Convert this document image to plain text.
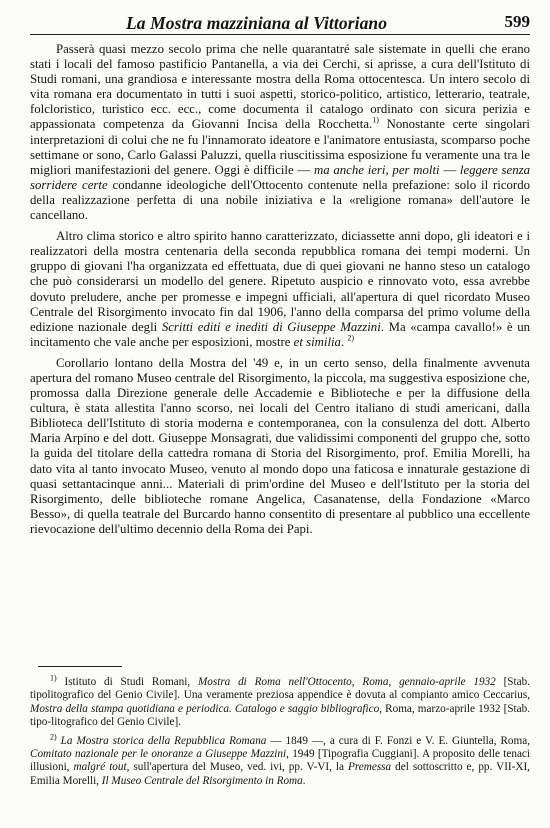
La Mostra mazziniana al Vittoriano	599

Passerà quasi mezzo secolo prima che nelle quarantatré sale sistemate in quelli che erano stati i locali del famoso pastificio Pantanella, a via dei Cerchi, si aprisse, a cura dell'Istituto di Studi romani, una grandiosa e interessante mostra della Roma ottocentesca. Un intero secolo di vita romana era documentato in tutti i suoi aspetti, storico-politico, artistico, letterario, teatrale, folcloristico, turistico ecc. ecc., come documenta il catalogo ordinato con sicura perizia e appassionata competenza da Giovanni Incisa della Rocchetta.$^{1)}$ Nonostante certe singolari interpretazioni di colui che ne fu l'innamorato ideatore e l'animatore entusiasta, scomparso poche settimane or sono, Carlo Galassi Paluzzi, quella riuscitissima esposizione fu veramente una tra le migliori manifestazioni del genere. Oggi è difficile — ma anche ieri, per molti — leggere senza sorridere certe condanne ideologiche dell'Ottocento contenute nella prefazione: solo il ricordo della realizzazione perfetta di una nobile iniziativa e la «religione romana» dell'autore le cancellano.

Altro clima storico e altro spirito hanno caratterizzato, diciassette anni dopo, gli ideatori e i realizzatori della mostra centenaria della seconda repubblica romana dei tempi moderni. Un gruppo di giovani l'ha organizzata ed effettuata, due di quei giovani ne hanno steso un catalogo che può considerarsi un modello del genere. Ripetuto auspicio e rinnovato voto, essa avrebbe dovuto preludere, anche per promesse e impegni ufficiali, all'apertura di quel ricordato Museo Centrale del Risorgimento invocato fin dal 1906, l'anno della comparsa del primo volume della edizione nazionale degli Scritti editi e inediti di Giuseppe Mazzini. Ma «campa cavallo!» è un incitamento che vale anche per esposizioni, mostre et similia. $^{2)}$

Corollario lontano della Mostra del '49 e, in un certo senso, della finalmente avvenuta apertura del romano Museo centrale del Risorgimento, la piccola, ma suggestiva esposizione che, promossa dalla Direzione generale delle Accademie e Biblioteche e per la diffusione della cultura, è stata allestita l'anno scorso, nei locali del Centro italiano di studi americani, dalla Biblioteca dell'Istituto di storia moderna e contemporanea, con la consulenza del dott. Alberto Maria Arpino e del dott. Giuseppe Monsagrati, due validissimi componenti del gruppo che, sotto la guida del titolare della cattedra romana di Storia del Risorgimento, prof. Emilia Morelli, ha dato vita al tanto invocato Museo, venuto al mondo dopo una faticosa e innaturale gestazione di quasi settantacinque anni... Materiali di prim'ordine del Museo e dell'Istituto per la storia del Risorgimento, delle biblioteche romane Angelica, Casanatense, della Fondazione «Marco Besso», di quella teatrale del Burcardo hanno consentito di presentare al pubblico una eccellente rievocazione dell'ultimo decennio della Roma dei Papi.

$^{1)}$ Istituto di Studi Romani, Mostra di Roma nell'Ottocento, Roma, gennaio-aprile 1932 [Stab. tipolitografico del Genio Civile]. Una veramente preziosa appendice è dovuta al compianto amico Ceccarius, Mostra della stampa quotidiana e periodica. Catalogo e saggio bibliografico, Roma, marzo-aprile 1932 [Stab. tipo-litografico del Genio Civile].

$^{2)}$ La Mostra storica della Repubblica Romana — 1849 —, a cura di F. Fonzi e V. E. Giuntella, Roma, Comitato nazionale per le onoranze a Giuseppe Mazzini, 1949 [Tipografia Cuggiani]. A proposito delle tenaci illusioni, malgré tout, sull'apertura del Museo, ved. ivi, pp. V-VI, la Premessa del sottoscritto e, pp. VII-XI, Emilia Morelli, Il Museo Centrale del Risorgimento in Roma.
